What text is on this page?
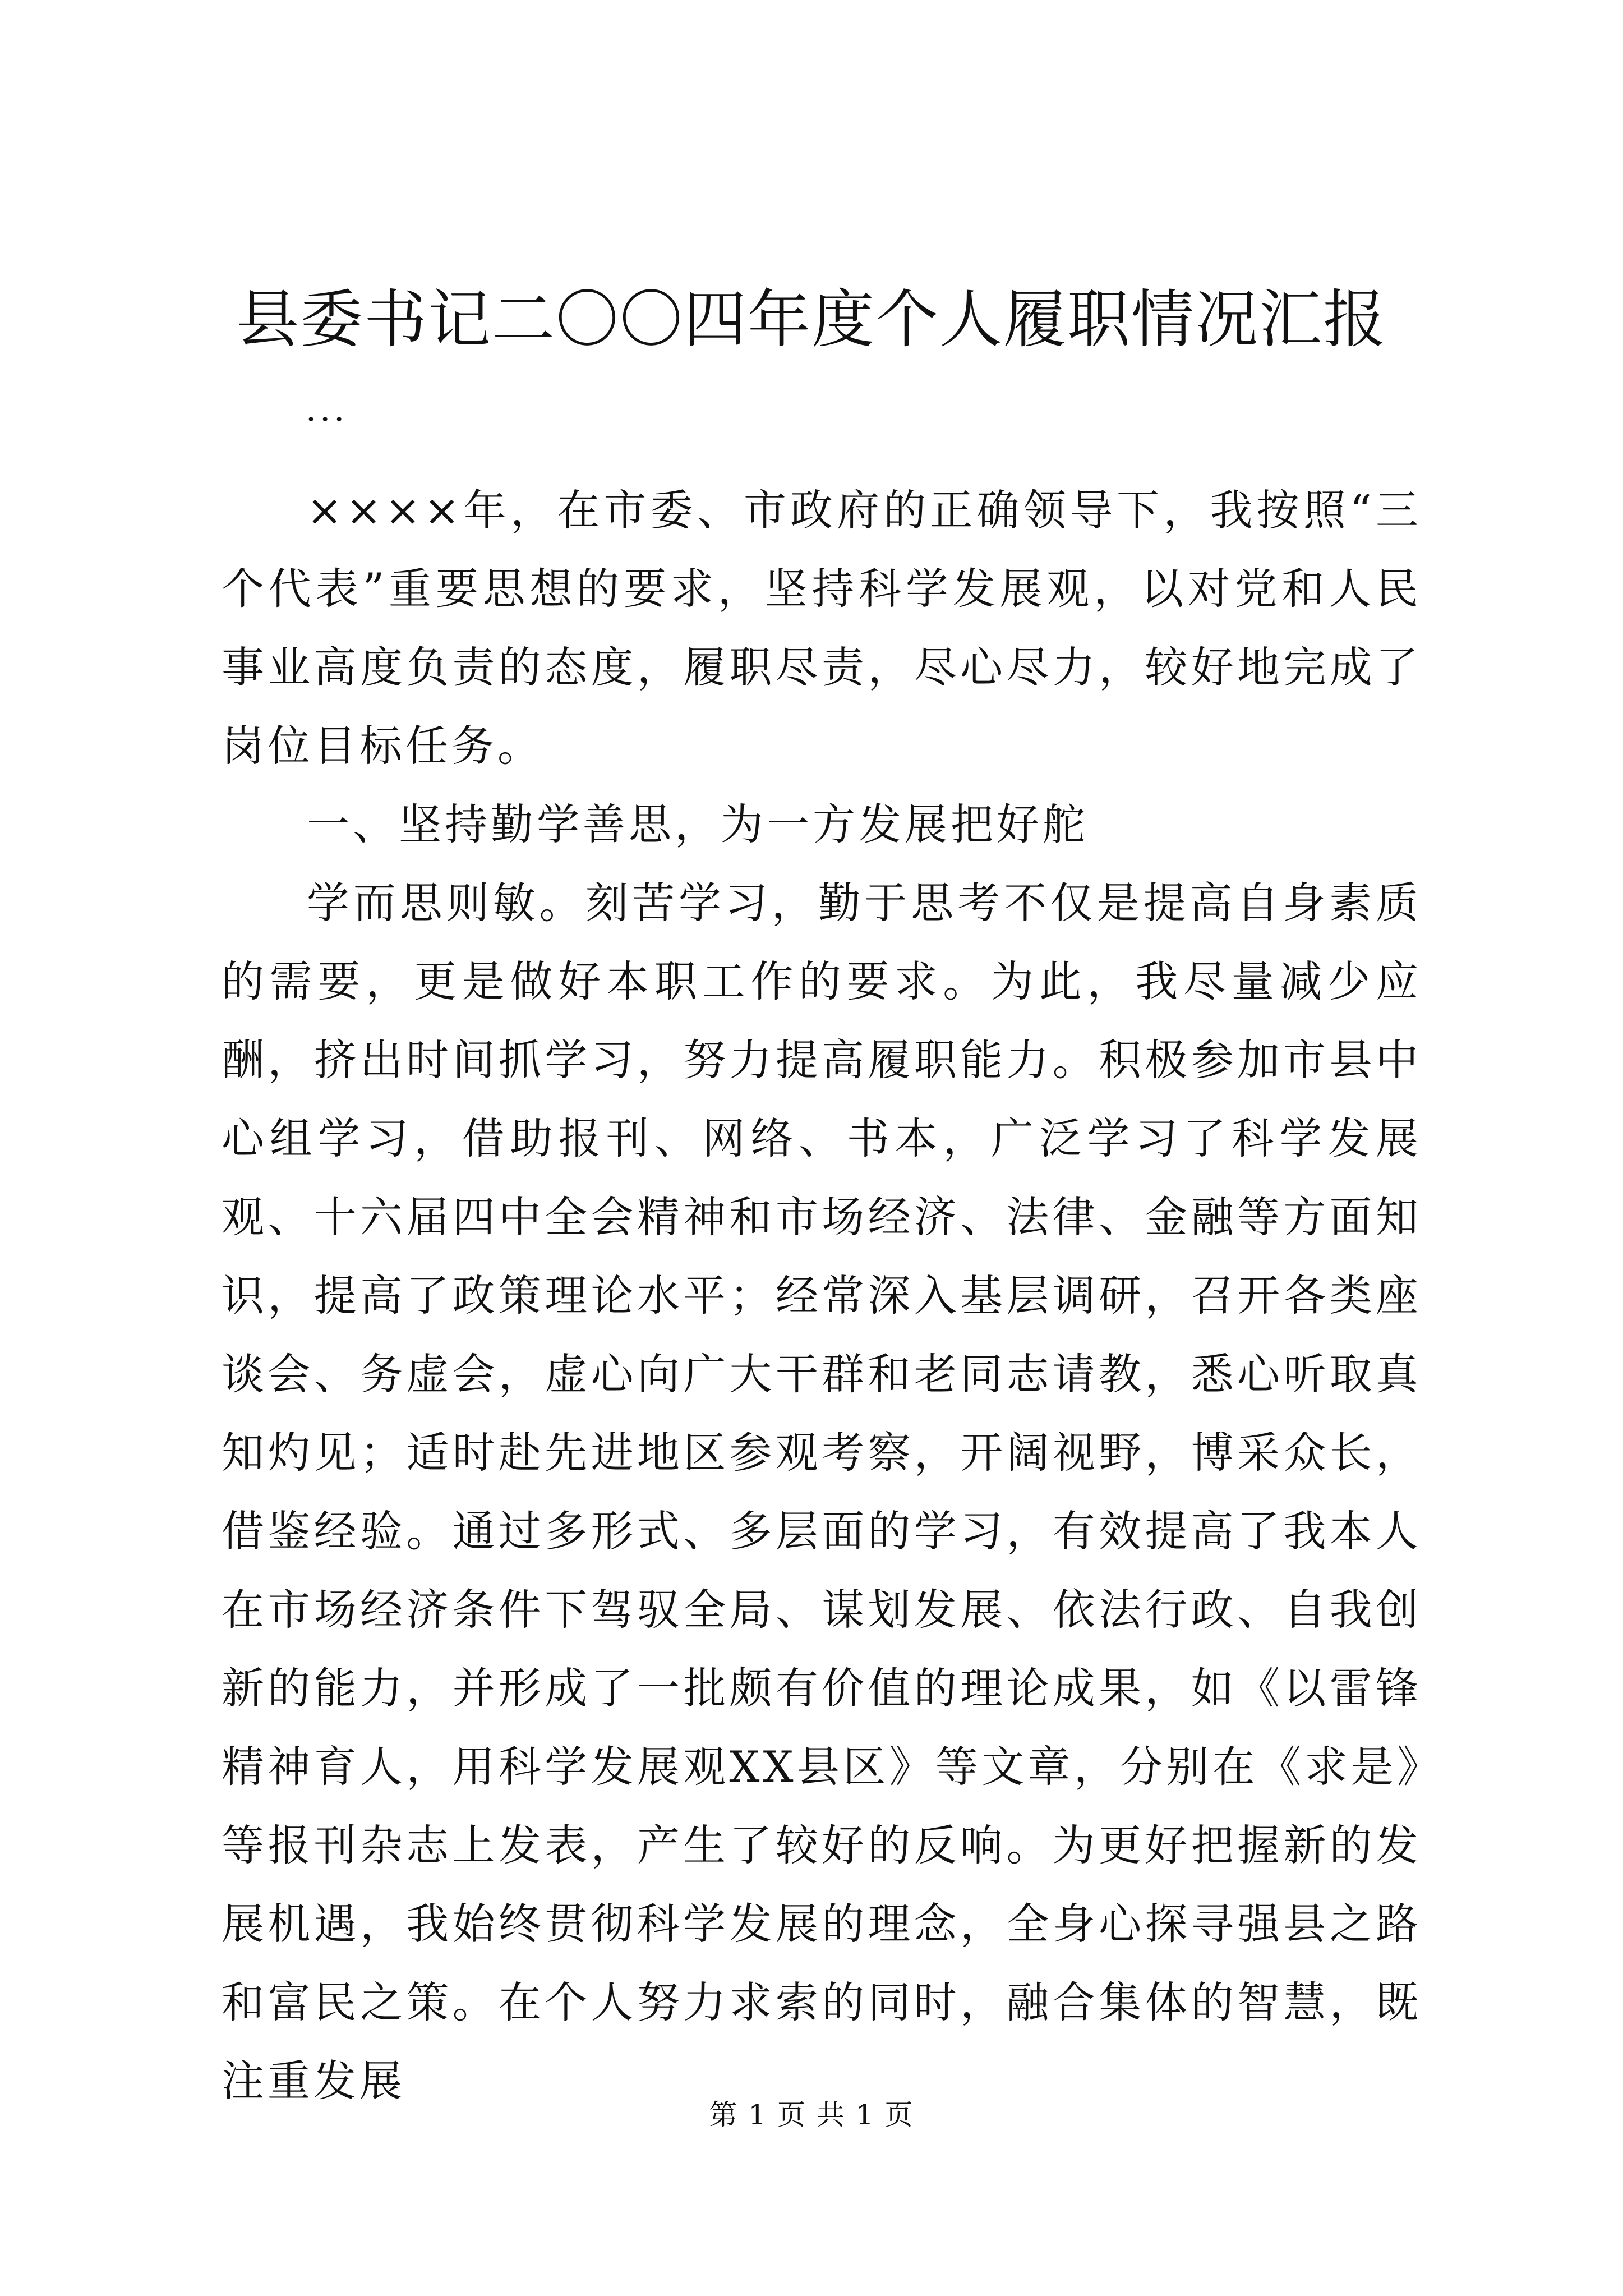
县委书记二〇〇四年度个人履职情况汇报
...

××××年，在市委、市政府的正确领导下，我按照“三个代表”重要思想的要求，坚持科学发展观，以对党和人民事业高度负责的态度，履职尽责，尽心尽力，较好地完成了岗位目标任务。

一、坚持勤学善思，为一方发展把好舵

学而思则敏。刻苦学习，勤于思考不仅是提高自身素质的需要，更是做好本职工作的要求。为此，我尽量减少应酬，挤出时间抓学习，努力提高履职能力。积极参加市县中心组学习，借助报刊、网络、书本，广泛学习了科学发展观、十六届四中全会精神和市场经济、法律、金融等方面知识，提高了政策理论水平；经常深入基层调研，召开各类座谈会、务虚会，虚心向广大干群和老同志请教，悉心听取真知灼见；适时赴先进地区参观考察，开阔视野，博采众长，借鉴经验。通过多形式、多层面的学习，有效提高了我本人在市场经济条件下驾驭全局、谋划发展、依法行政、自我创新的能力，并形成了一批颇有价值的理论成果，如《以雷锋精神育人，用科学发展观XX县区》等文章，分别在《求是》等报刊杂志上发表，产生了较好的反响。为更好把握新的发展机遇，我始终贯彻科学发展的理念，全身心探寻强县之路和富民之策。在个人努力求索的同时，融合集体的智慧，既注重发展

第 1 页 共 1 页
